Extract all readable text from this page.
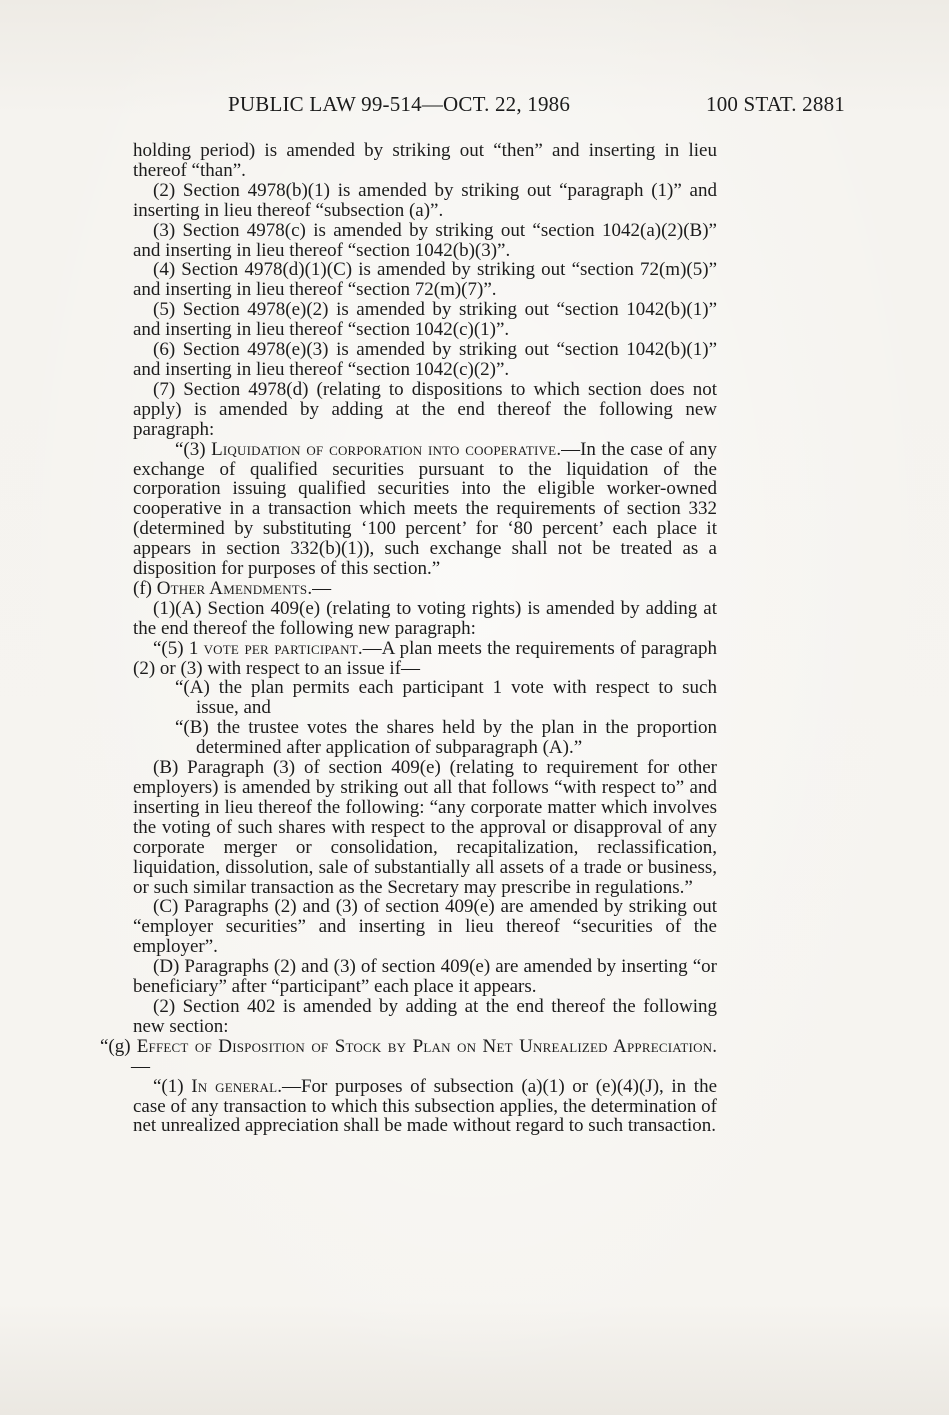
PUBLIC LAW 99-514—OCT. 22, 1986	100 STAT. 2881

holding period) is amended by striking out “then” and inserting in lieu thereof “than”.

(2) Section 4978(b)(1) is amended by striking out “paragraph (1)” and inserting in lieu thereof “subsection (a)”.

(3) Section 4978(c) is amended by striking out “section 1042(a)(2)(B)” and inserting in lieu thereof “section 1042(b)(3)”.

(4) Section 4978(d)(1)(C) is amended by striking out “section 72(m)(5)” and inserting in lieu thereof “section 72(m)(7)”.

(5) Section 4978(e)(2) is amended by striking out “section 1042(b)(1)” and inserting in lieu thereof “section 1042(c)(1)”.

(6) Section 4978(e)(3) is amended by striking out “section 1042(b)(1)” and inserting in lieu thereof “section 1042(c)(2)”.

(7) Section 4978(d) (relating to dispositions to which section does not apply) is amended by adding at the end thereof the following new paragraph:

“(3) Liquidation of corporation into cooperative.—In the case of any exchange of qualified securities pursuant to the liquidation of the corporation issuing qualified securities into the eligible worker-owned cooperative in a transaction which meets the requirements of section 332 (determined by substituting ‘100 percent’ for ‘80 percent’ each place it appears in section 332(b)(1)), such exchange shall not be treated as a disposition for purposes of this section.”

(f) Other Amendments.—

(1)(A) Section 409(e) (relating to voting rights) is amended by adding at the end thereof the following new paragraph:

“(5) 1 vote per participant.—A plan meets the requirements of paragraph (2) or (3) with respect to an issue if—

“(A) the plan permits each participant 1 vote with respect to such issue, and

“(B) the trustee votes the shares held by the plan in the proportion determined after application of subparagraph (A).”

(B) Paragraph (3) of section 409(e) (relating to requirement for other employers) is amended by striking out all that follows “with respect to” and inserting in lieu thereof the following: “any corporate matter which involves the voting of such shares with respect to the approval or disapproval of any corporate merger or consolidation, recapitalization, reclassification, liquidation, dissolution, sale of substantially all assets of a trade or business, or such similar transaction as the Secretary may prescribe in regulations.”

(C) Paragraphs (2) and (3) of section 409(e) are amended by striking out “employer securities” and inserting in lieu thereof “securities of the employer”.

(D) Paragraphs (2) and (3) of section 409(e) are amended by inserting “or beneficiary” after “participant” each place it appears.

(2) Section 402 is amended by adding at the end thereof the following new section:

“(g) Effect of Disposition of Stock by Plan on Net Unrealized Appreciation.—

“(1) In general.—For purposes of subsection (a)(1) or (e)(4)(J), in the case of any transaction to which this subsection applies, the determination of net unrealized appreciation shall be made without regard to such transaction.
